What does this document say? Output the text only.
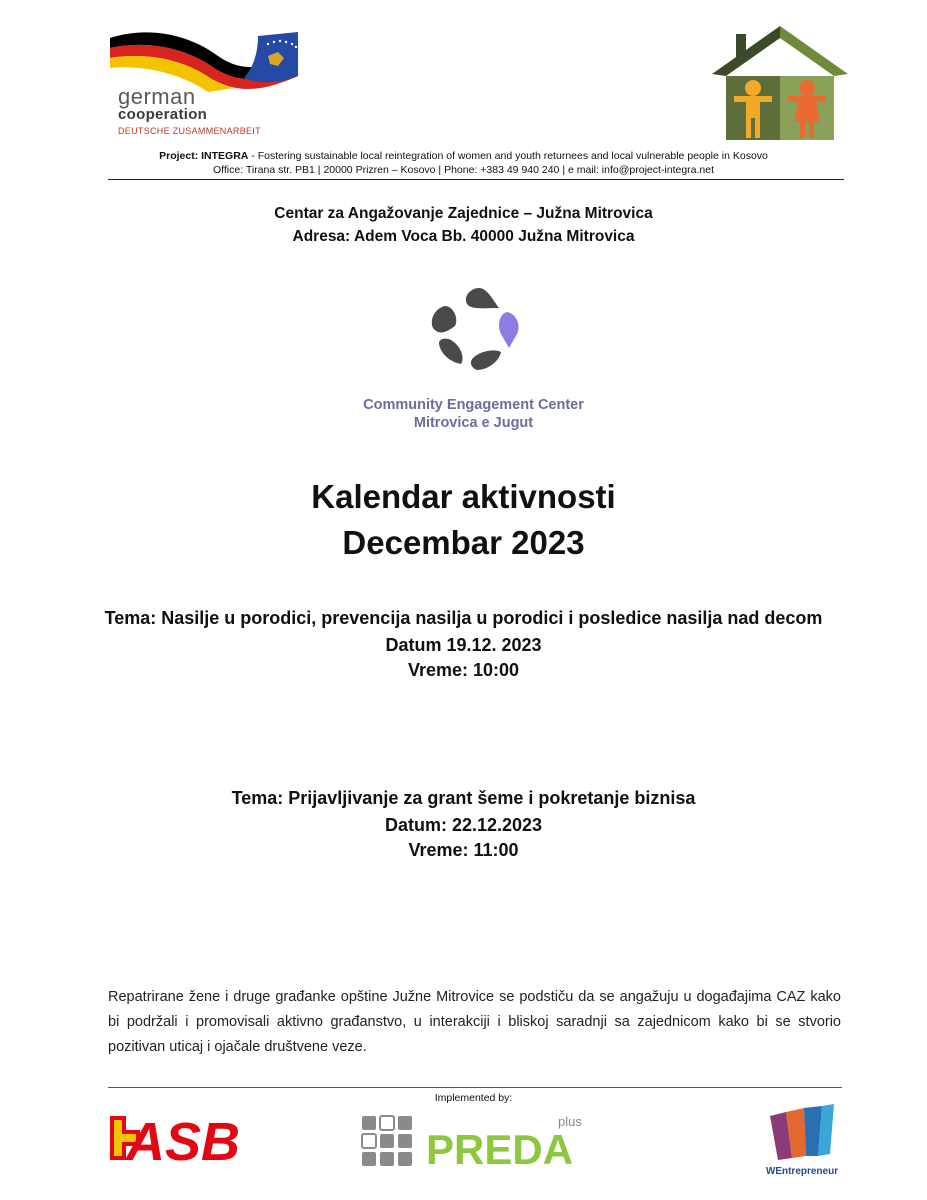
german
cooperation
DEUTSCHE ZUSAMMENARBEIT
Project: INTEGRA - Fostering sustainable local reintegration of women and youth returnees and local vulnerable people in Kosovo
Office: Tirana str. PB1 | 20000 Prizren – Kosovo | Phone: +383 49 940 240 | e mail: info@project-integra.net
Centar za Angažovanje Zajednice – Južna Mitrovica
Adresa: Adem Voca Bb. 40000 Južna Mitrovica
Community Engagement Center
Mitrovica e Jugut
Kalendar aktivnosti
Decembar 2023
Tema: Nasilje u porodici, prevencija nasilja u porodici i posledice nasilja nad decom
Datum 19.12. 2023
Vreme: 10:00
Tema: Prijavljivanje za grant šeme i pokretanje biznisa
Datum: 22.12.2023
Vreme: 11:00
Repatrirane žene i druge građanke opštine Južne Mitrovice se podstiču da se angažuju u događajima CAZ kako bi podržali i promovisali aktivno građanstvo, u interakciji i bliskoj saradnji sa zajednicom kako bi se stvorio pozitivan uticaj i ojačale društvene veze.
Implemented by:
ASB	PREDA
plus
WEntrepreneur
